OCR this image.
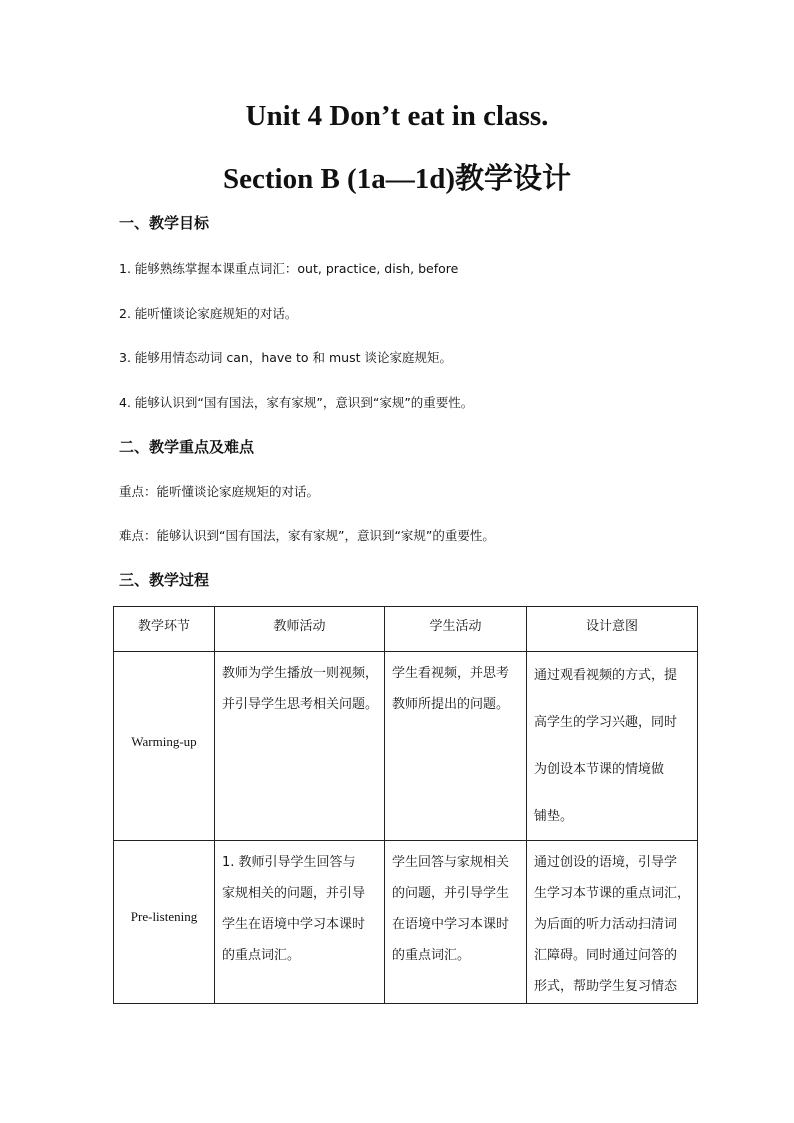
Unit 4 Don’t eat in class.
Section B (1a—1d)教学设计
一、教学目标
1. 能够熟练掌握本课重点词汇：out, practice, dish, before
2. 能听懂谈论家庭规矩的对话。
3. 能够用情态动词 can，have to 和 must 谈论家庭规矩。
4. 能够认识到“国有国法，家有家规”，意识到“家规”的重要性。
二、教学重点及难点
重点：能听懂谈论家庭规矩的对话。
难点：能够认识到“国有国法，家有家规”，意识到“家规”的重要性。
三、教学过程
教学环节	教师活动	学生活动	设计意图

Warming-up	教师为学生播放一则视频，
并引导学生思考相关问题。	学生看视频，并思考
教师所提出的问题。	通过观看视频的方式，提
高学生的学习兴趣，同时
为创设本节课的情境做
铺垫。

Pre-listening	1. 教师引导学生回答与
家规相关的问题，并引导
学生在语境中学习本课时
的重点词汇。	学生回答与家规相关
的问题，并引导学生
在语境中学习本课时
的重点词汇。	通过创设的语境，引导学
生学习本节课的重点词汇，
为后面的听力活动扫清词
汇障碍。同时通过问答的
形式，帮助学生复习情态
